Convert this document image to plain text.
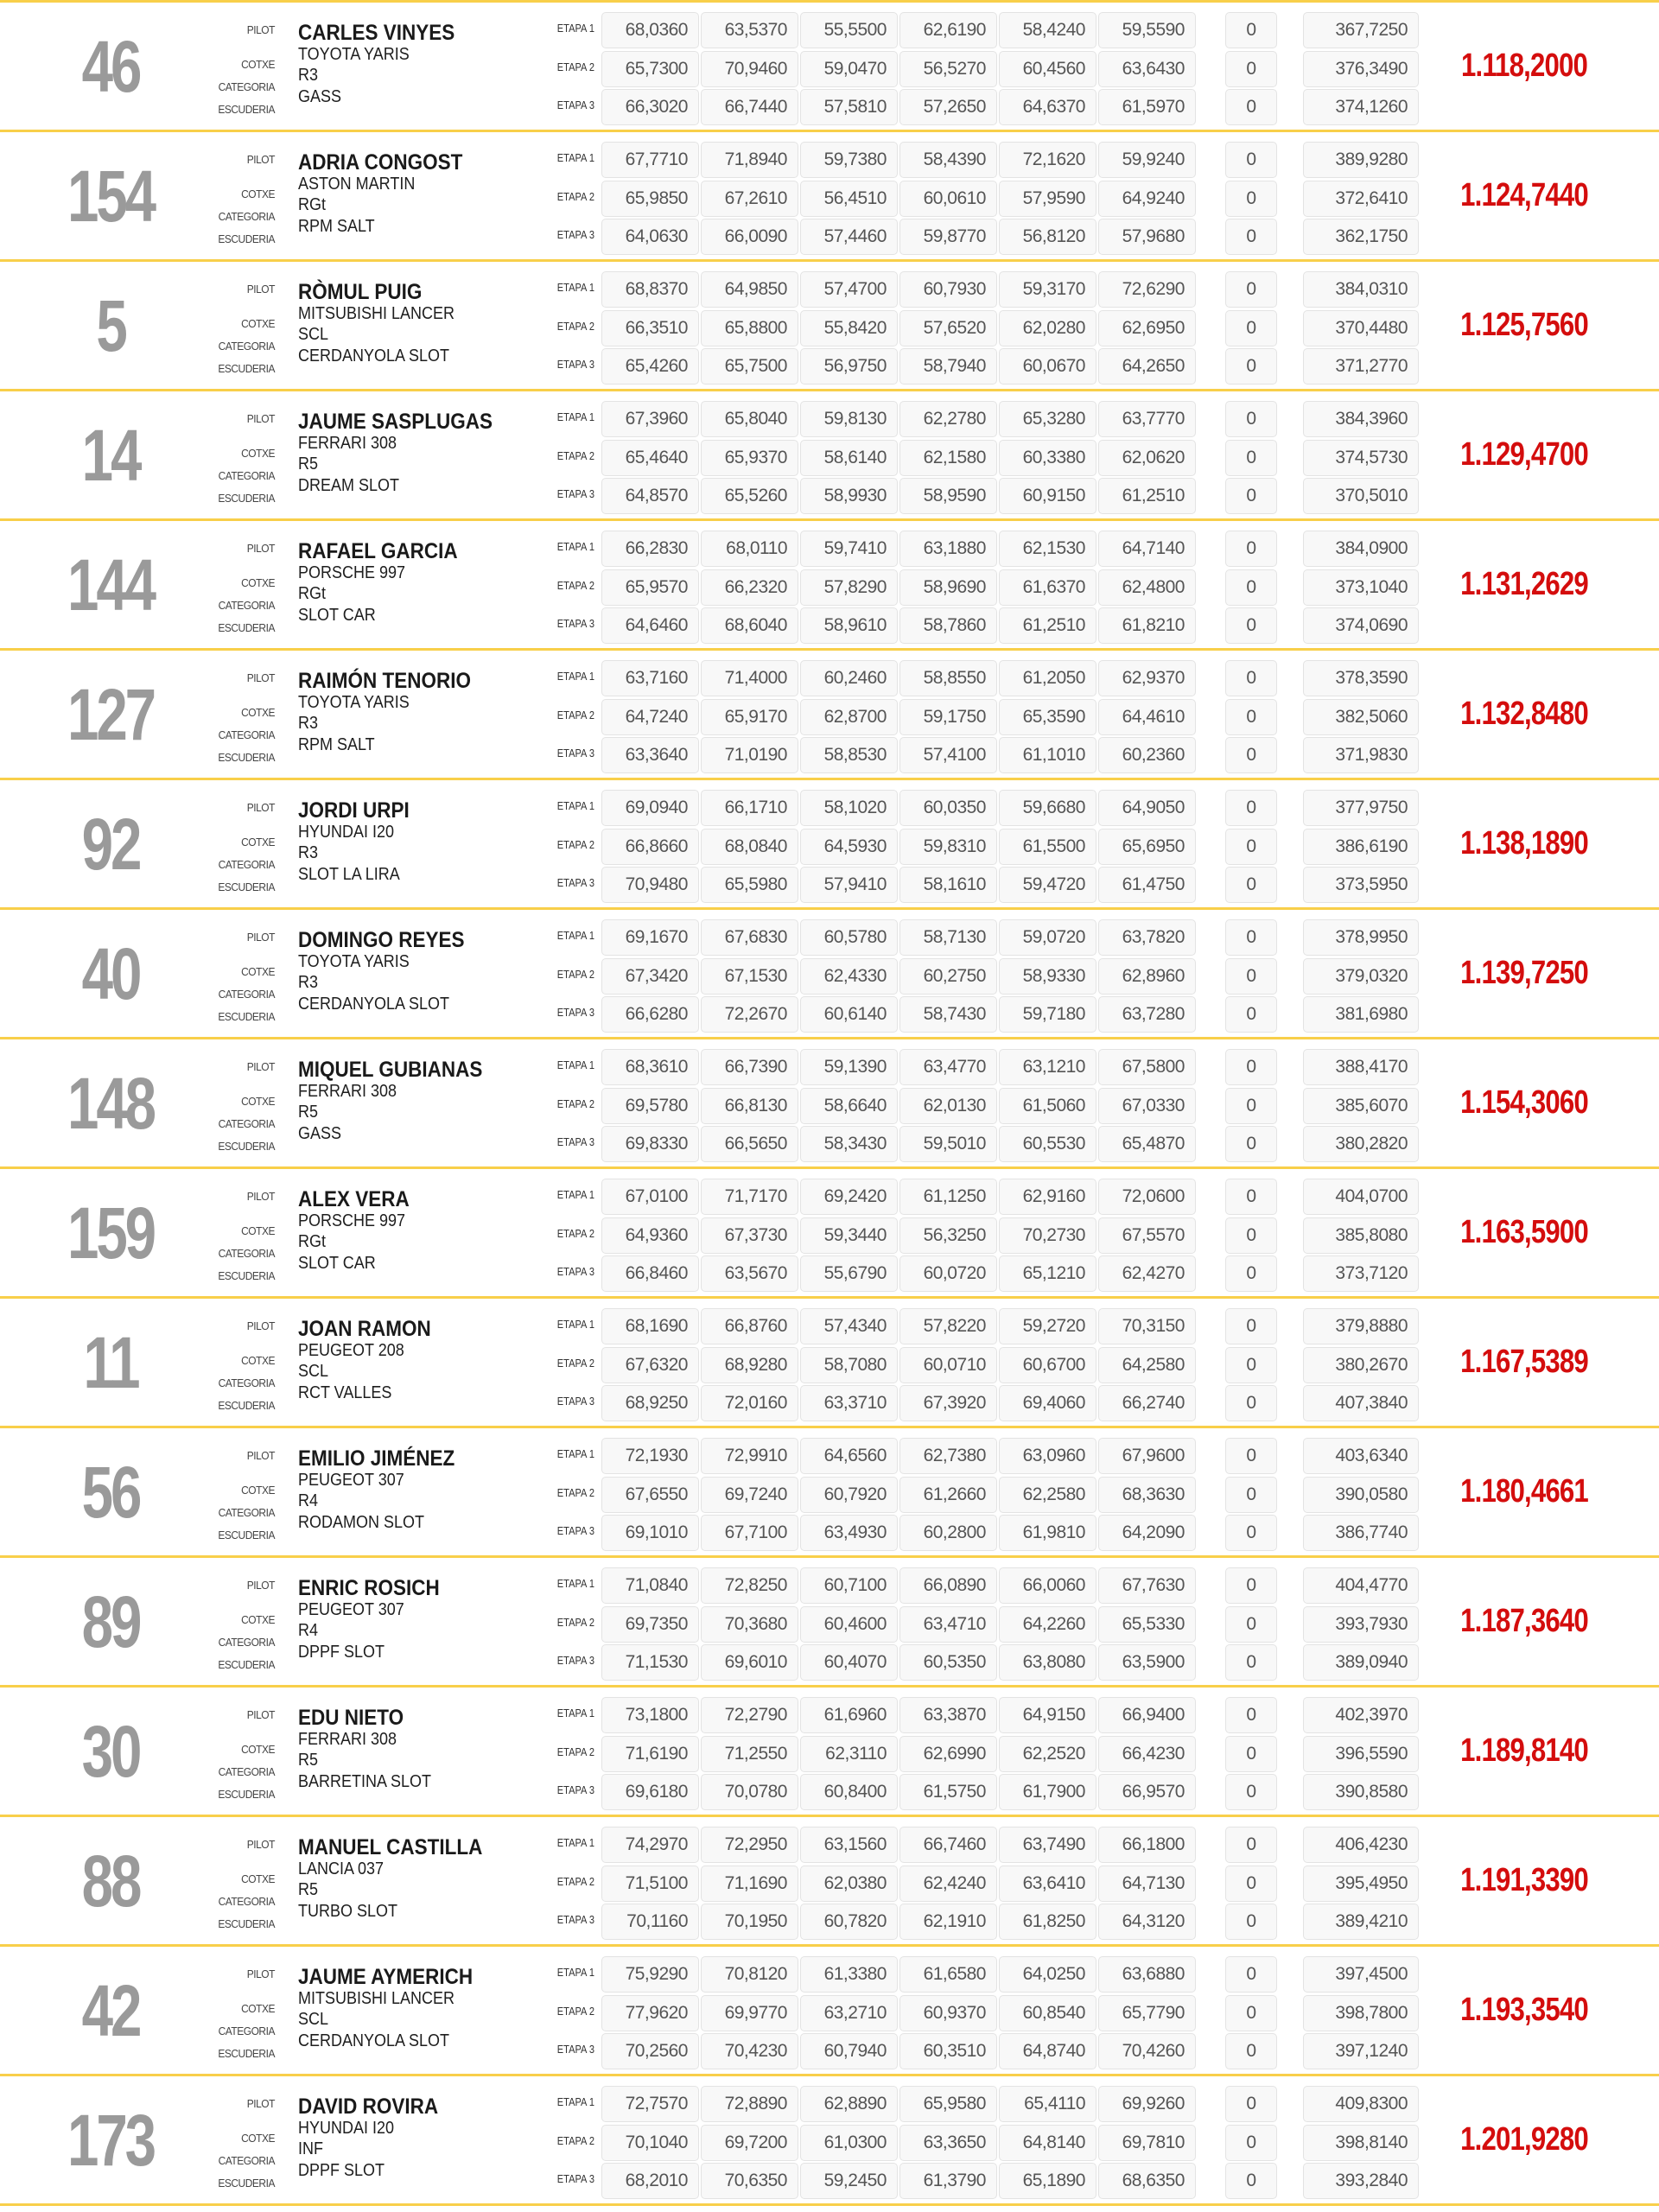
46	PILOT CARLES VINYES
COTXE
TOYOTA YARIS
CATEGORIA
R3
ESCUDERIA
GASS
ETAPA 1	68,0360	63,5370	55,5500	62,6190	58,4240	59,5590	0	367,7250
ETAPA 2	65,7300	70,9460	59,0470	56,5270	60,4560	63,6430	0	376,3490
ETAPA 3	66,3020	66,7440	57,5810	57,2650	64,6370	61,5970	0	374,1260
1.118,2000
154	PILOT ADRIA CONGOST
COTXE
ASTON MARTIN
CATEGORIA
RGt
ESCUDERIA
RPM SALT
ETAPA 1	67,7710	71,8940	59,7380	58,4390	72,1620	59,9240	0	389,9280
ETAPA 2	65,9850	67,2610	56,4510	60,0610	57,9590	64,9240	0	372,6410
ETAPA 3	64,0630	66,0090	57,4460	59,8770	56,8120	57,9680	0	362,1750
1.124,7440
5	PILOT RÒMUL PUIG
COTXE
MITSUBISHI LANCER
CATEGORIA
SCL
ESCUDERIA
CERDANYOLA SLOT
ETAPA 1	68,8370	64,9850	57,4700	60,7930	59,3170	72,6290	0	384,0310
ETAPA 2	66,3510	65,8800	55,8420	57,6520	62,0280	62,6950	0	370,4480
ETAPA 3	65,4260	65,7500	56,9750	58,7940	60,0670	64,2650	0	371,2770
1.125,7560
14	PILOT JAUME SASPLUGAS
COTXE
FERRARI 308
CATEGORIA
R5
ESCUDERIA
DREAM SLOT
ETAPA 1	67,3960	65,8040	59,8130	62,2780	65,3280	63,7770	0	384,3960
ETAPA 2	65,4640	65,9370	58,6140	62,1580	60,3380	62,0620	0	374,5730
ETAPA 3	64,8570	65,5260	58,9930	58,9590	60,9150	61,2510	0	370,5010
1.129,4700
144	PILOT RAFAEL GARCIA
COTXE
PORSCHE 997
CATEGORIA
RGt
ESCUDERIA
SLOT CAR
ETAPA 1	66,2830	68,0110	59,7410	63,1880	62,1530	64,7140	0	384,0900
ETAPA 2	65,9570	66,2320	57,8290	58,9690	61,6370	62,4800	0	373,1040
ETAPA 3	64,6460	68,6040	58,9610	58,7860	61,2510	61,8210	0	374,0690
1.131,2629
127	PILOT RAIMÓN TENORIO
COTXE
TOYOTA YARIS
CATEGORIA
R3
ESCUDERIA
RPM SALT
ETAPA 1	63,7160	71,4000	60,2460	58,8550	61,2050	62,9370	0	378,3590
ETAPA 2	64,7240	65,9170	62,8700	59,1750	65,3590	64,4610	0	382,5060
ETAPA 3	63,3640	71,0190	58,8530	57,4100	61,1010	60,2360	0	371,9830
1.132,8480
92	PILOT JORDI URPI
COTXE
HYUNDAI I20
CATEGORIA
R3
ESCUDERIA
SLOT LA LIRA
ETAPA 1	69,0940	66,1710	58,1020	60,0350	59,6680	64,9050	0	377,9750
ETAPA 2	66,8660	68,0840	64,5930	59,8310	61,5500	65,6950	0	386,6190
ETAPA 3	70,9480	65,5980	57,9410	58,1610	59,4720	61,4750	0	373,5950
1.138,1890
40	PILOT DOMINGO REYES
COTXE
TOYOTA YARIS
CATEGORIA
R3
ESCUDERIA
CERDANYOLA SLOT
ETAPA 1	69,1670	67,6830	60,5780	58,7130	59,0720	63,7820	0	378,9950
ETAPA 2	67,3420	67,1530	62,4330	60,2750	58,9330	62,8960	0	379,0320
ETAPA 3	66,6280	72,2670	60,6140	58,7430	59,7180	63,7280	0	381,6980
1.139,7250
148	PILOT MIQUEL GUBIANAS
COTXE
FERRARI 308
CATEGORIA
R5
ESCUDERIA
GASS
ETAPA 1	68,3610	66,7390	59,1390	63,4770	63,1210	67,5800	0	388,4170
ETAPA 2	69,5780	66,8130	58,6640	62,0130	61,5060	67,0330	0	385,6070
ETAPA 3	69,8330	66,5650	58,3430	59,5010	60,5530	65,4870	0	380,2820
1.154,3060
159	PILOT ALEX VERA
COTXE
PORSCHE 997
CATEGORIA
RGt
ESCUDERIA
SLOT CAR
ETAPA 1	67,0100	71,7170	69,2420	61,1250	62,9160	72,0600	0	404,0700
ETAPA 2	64,9360	67,3730	59,3440	56,3250	70,2730	67,5570	0	385,8080
ETAPA 3	66,8460	63,5670	55,6790	60,0720	65,1210	62,4270	0	373,7120
1.163,5900
11	PILOT JOAN RAMON
COTXE
PEUGEOT 208
CATEGORIA
SCL
ESCUDERIA
RCT VALLES
ETAPA 1	68,1690	66,8760	57,4340	57,8220	59,2720	70,3150	0	379,8880
ETAPA 2	67,6320	68,9280	58,7080	60,0710	60,6700	64,2580	0	380,2670
ETAPA 3	68,9250	72,0160	63,3710	67,3920	69,4060	66,2740	0	407,3840
1.167,5389
56	PILOT EMILIO JIMÉNEZ
COTXE
PEUGEOT 307
CATEGORIA
R4
ESCUDERIA
RODAMON SLOT
ETAPA 1	72,1930	72,9910	64,6560	62,7380	63,0960	67,9600	0	403,6340
ETAPA 2	67,6550	69,7240	60,7920	61,2660	62,2580	68,3630	0	390,0580
ETAPA 3	69,1010	67,7100	63,4930	60,2800	61,9810	64,2090	0	386,7740
1.180,4661
89	PILOT ENRIC ROSICH
COTXE
PEUGEOT 307
CATEGORIA
R4
ESCUDERIA
DPPF SLOT
ETAPA 1	71,0840	72,8250	60,7100	66,0890	66,0060	67,7630	0	404,4770
ETAPA 2	69,7350	70,3680	60,4600	63,4710	64,2260	65,5330	0	393,7930
ETAPA 3	71,1530	69,6010	60,4070	60,5350	63,8080	63,5900	0	389,0940
1.187,3640
30	PILOT EDU NIETO
COTXE
FERRARI 308
CATEGORIA
R5
ESCUDERIA
BARRETINA SLOT
ETAPA 1	73,1800	72,2790	61,6960	63,3870	64,9150	66,9400	0	402,3970
ETAPA 2	71,6190	71,2550	62,3110	62,6990	62,2520	66,4230	0	396,5590
ETAPA 3	69,6180	70,0780	60,8400	61,5750	61,7900	66,9570	0	390,8580
1.189,8140
88	PILOT MANUEL CASTILLA
COTXE
LANCIA 037
CATEGORIA
R5
ESCUDERIA
TURBO SLOT
ETAPA 1	74,2970	72,2950	63,1560	66,7460	63,7490	66,1800	0	406,4230
ETAPA 2	71,5100	71,1690	62,0380	62,4240	63,6410	64,7130	0	395,4950
ETAPA 3	70,1160	70,1950	60,7820	62,1910	61,8250	64,3120	0	389,4210
1.191,3390
42	PILOT JAUME AYMERICH
COTXE
MITSUBISHI LANCER
CATEGORIA
SCL
ESCUDERIA
CERDANYOLA SLOT
ETAPA 1	75,9290	70,8120	61,3380	61,6580	64,0250	63,6880	0	397,4500
ETAPA 2	77,9620	69,9770	63,2710	60,9370	60,8540	65,7790	0	398,7800
ETAPA 3	70,2560	70,4230	60,7940	60,3510	64,8740	70,4260	0	397,1240
1.193,3540
173	PILOT DAVID ROVIRA
COTXE
HYUNDAI I20
CATEGORIA
INF
ESCUDERIA
DPPF SLOT
ETAPA 1	72,7570	72,8890	62,8890	65,9580	65,4110	69,9260	0	409,8300
ETAPA 2	70,1040	69,7200	61,0300	63,3650	64,8140	69,7810	0	398,8140
ETAPA 3	68,2010	70,6350	59,2450	61,3790	65,1890	68,6350	0	393,2840
1.201,9280
